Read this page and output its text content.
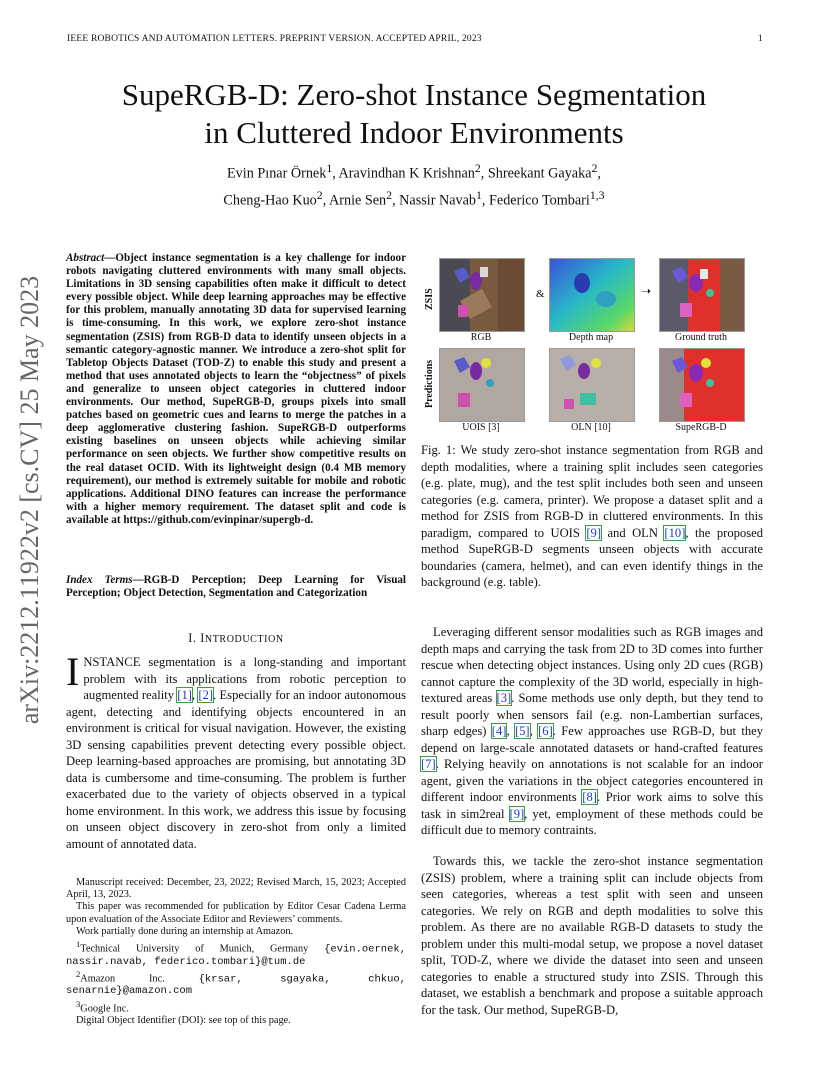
IEEE ROBOTICS AND AUTOMATION LETTERS. PREPRINT VERSION. ACCEPTED APRIL, 2023	1
SupeRGB-D: Zero-shot Instance Segmentation
in Cluttered Indoor Environments
Evin Pınar Örnek$^1$, Aravindhan K Krishnan$^2$, Shreekant Gayaka$^2$,
Cheng-Hao Kuo$^2$, Arnie Sen$^2$, Nassir Navab$^1$, Federico Tombari$^{1,3}$
arXiv:2212.11922v2 [cs.CV] 25 May 2023
Abstract—Object instance segmentation is a key challenge for indoor robots navigating cluttered environments with many small objects. Limitations in 3D sensing capabilities often make it difficult to detect every possible object. While deep learning approaches may be effective for this problem, manually annotating 3D data for supervised learning is time-consuming. In this work, we explore zero-shot instance segmentation (ZSIS) from RGB-D data to identify unseen objects in a semantic category-agnostic manner. We introduce a zero-shot split for Tabletop Objects Dataset (TOD-Z) to enable this study and present a method that uses annotated objects to learn the “objectness” of pixels and generalize to unseen object categories in cluttered indoor environments. Our method, SupeRGB-D, groups pixels into small patches based on geometric cues and learns to merge the patches in a deep agglomerative clustering fashion. SupeRGB-D outperforms existing baselines on unseen objects while achieving similar performance on seen objects. We further show competitive results on the real dataset OCID. With its lightweight design (0.4 MB memory requirement), our method is extremely suitable for mobile and robotic applications. Additional DINO features can increase the performance with a higher memory requirement. The dataset split and code is available at https://github.com/evinpinar/supergb-d.
Index Terms—RGB-D Perception; Deep Learning for Visual Perception; Object Detection, Segmentation and Categorization
I. INTRODUCTION
INSTANCE segmentation is a long-standing and important problem with its applications from robotic perception to augmented reality [1], [2]. Especially for an indoor autonomous agent, detecting and identifying objects encountered in an environment is critical for visual navigation. However, the existing 3D sensing capabilities prevent detecting every possible object. Deep learning-based approaches are promising, but annotating 3D data is cumbersome and time-consuming. The problem is further exacerbated due to the variety of objects observed in a typical home environment. In this work, we address this issue by focusing on unseen object discovery in zero-shot from only a limited amount of annotated data.

Manuscript received: December, 23, 2022; Revised March, 15, 2023; Accepted April, 13, 2023.

This paper was recommended for publication by Editor Cesar Cadena Lerma upon evaluation of the Associate Editor and Reviewers’ comments.

Work partially done during an internship at Amazon.

$^1$Technical University of Munich, Germany {evin.oernek, nassir.navab, federico.tombari}@tum.de

$^2$Amazon Inc. {krsar, sgayaka, chkuo, senarnie}@amazon.com

$^3$Google Inc.

Digital Object Identifier (DOI): see top of this page.

ZSIS
Predictions
&	➝
RGB	Depth map	Ground truth
UOIS [3]	OLN [10]	SupeRGB-D
Fig. 1: We study zero-shot instance segmentation from RGB and depth modalities, where a training split includes seen categories (e.g. plate, mug), and the test split includes both seen and unseen categories (e.g. camera, printer). We propose a dataset split and a method for ZSIS from RGB-D in cluttered environments. In this paradigm, compared to UOIS [9] and OLN [10], the proposed method SupeRGB-D segments unseen objects with accurate boundaries (camera, helmet), and can even identify things in the background (e.g. table).

Leveraging different sensor modalities such as RGB images and depth maps and carrying the task from 2D to 3D comes into further rescue when detecting object instances. Using only 2D cues (RGB) cannot capture the complexity of the 3D world, especially in high-textured areas [3]. Some methods use only depth, but they tend to result poorly when sensors fail (e.g. non-Lambertian surfaces, sharp edges) [4], [5], [6]. Few approaches use RGB-D, but they depend on large-scale annotated datasets or hand-crafted features [7]. Relying heavily on annotations is not scalable for an indoor agent, given the variations in the object categories encountered in different indoor environments [8]. Prior work aims to solve this task in sim2real [9], yet, employment of these methods could be difficult due to memory contraints.

Towards this, we tackle the zero-shot instance segmentation (ZSIS) problem, where a training split can include objects from seen categories, whereas a test split with seen and unseen categories. We rely on RGB and depth modalities to solve this problem. As there are no available RGB-D datasets to study the problem under this multi-modal setup, we propose a novel dataset split, TOD-Z, where we divide the dataset into seen and unseen categories to enable a structured study into ZSIS. Through this dataset, we establish a benchmark and propose a suitable approach for the task. Our method, SupeRGB-D,
